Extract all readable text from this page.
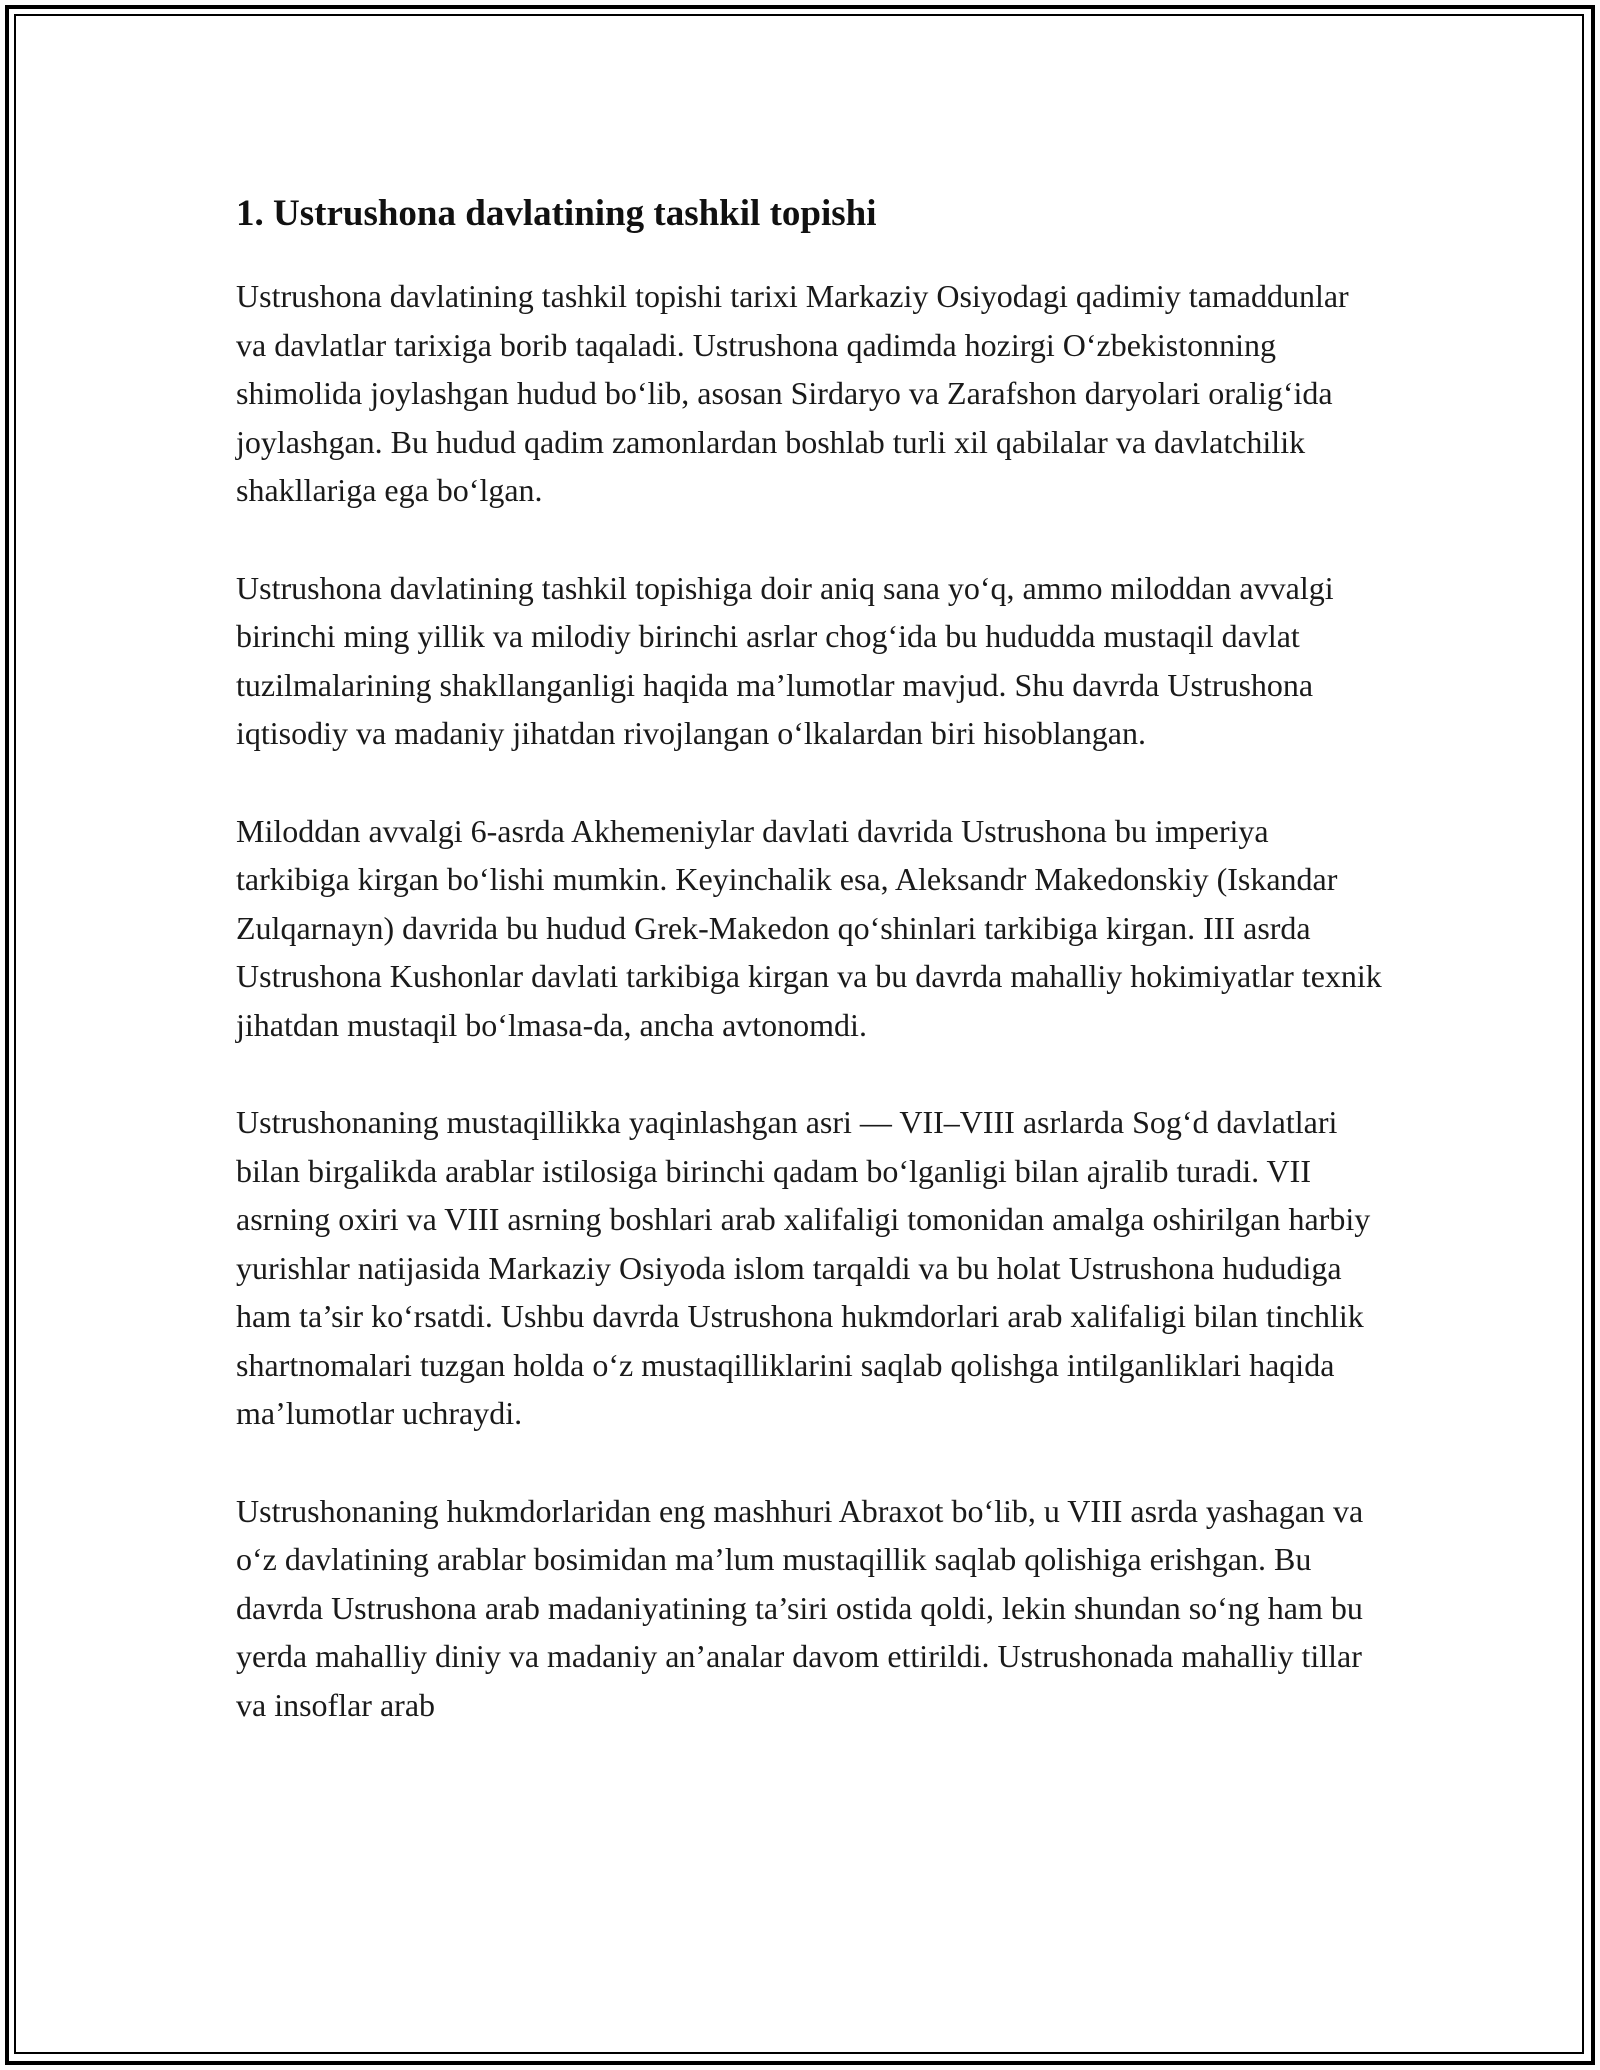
1. Ustrushona davlatining tashkil topishi

Ustrushona davlatining tashkil topishi tarixi Markaziy Osiyodagi qadimiy tamaddunlar va davlatlar tarixiga borib taqaladi. Ustrushona qadimda hozirgi O‘zbekistonning shimolida joylashgan hudud bo‘lib, asosan Sirdaryo va Zarafshon daryolari oralig‘ida joylashgan. Bu hudud qadim zamonlardan boshlab turli xil qabilalar va davlatchilik shakllariga ega bo‘lgan.

Ustrushona davlatining tashkil topishiga doir aniq sana yo‘q, ammo miloddan avvalgi birinchi ming yillik va milodiy birinchi asrlar chog‘ida bu hududda mustaqil davlat tuzilmalarining shakllanganligi haqida ma’lumotlar mavjud. Shu davrda Ustrushona iqtisodiy va madaniy jihatdan rivojlangan o‘lkalardan biri hisoblangan.

Miloddan avvalgi 6-asrda Akhemeniylar davlati davrida Ustrushona bu imperiya tarkibiga kirgan bo‘lishi mumkin. Keyinchalik esa, Aleksandr Makedonskiy (Iskandar Zulqarnayn) davrida bu hudud Grek-Makedon qo‘shinlari tarkibiga kirgan. III asrda Ustrushona Kushonlar davlati tarkibiga kirgan va bu davrda mahalliy hokimiyatlar texnik jihatdan mustaqil bo‘lmasa-da, ancha avtonomdi.

Ustrushonaning mustaqillikka yaqinlashgan asri — VII–VIII asrlarda Sog‘d davlatlari bilan birgalikda arablar istilosiga birinchi qadam bo‘lganligi bilan ajralib turadi. VII asrning oxiri va VIII asrning boshlari arab xalifaligi tomonidan amalga oshirilgan harbiy yurishlar natijasida Markaziy Osiyoda islom tarqaldi va bu holat Ustrushona hududiga ham ta’sir ko‘rsatdi. Ushbu davrda Ustrushona hukmdorlari arab xalifaligi bilan tinchlik shartnomalari tuzgan holda o‘z mustaqilliklarini saqlab qolishga intilganliklari haqida ma’lumotlar uchraydi.

Ustrushonaning hukmdorlaridan eng mashhuri Abraxot bo‘lib, u VIII asrda yashagan va o‘z davlatining arablar bosimidan ma’lum mustaqillik saqlab qolishiga erishgan. Bu davrda Ustrushona arab madaniyatining ta’siri ostida qoldi, lekin shundan so‘ng ham bu yerda mahalliy diniy va madaniy an’analar davom ettirildi. Ustrushonada mahalliy tillar va insoflar arab
